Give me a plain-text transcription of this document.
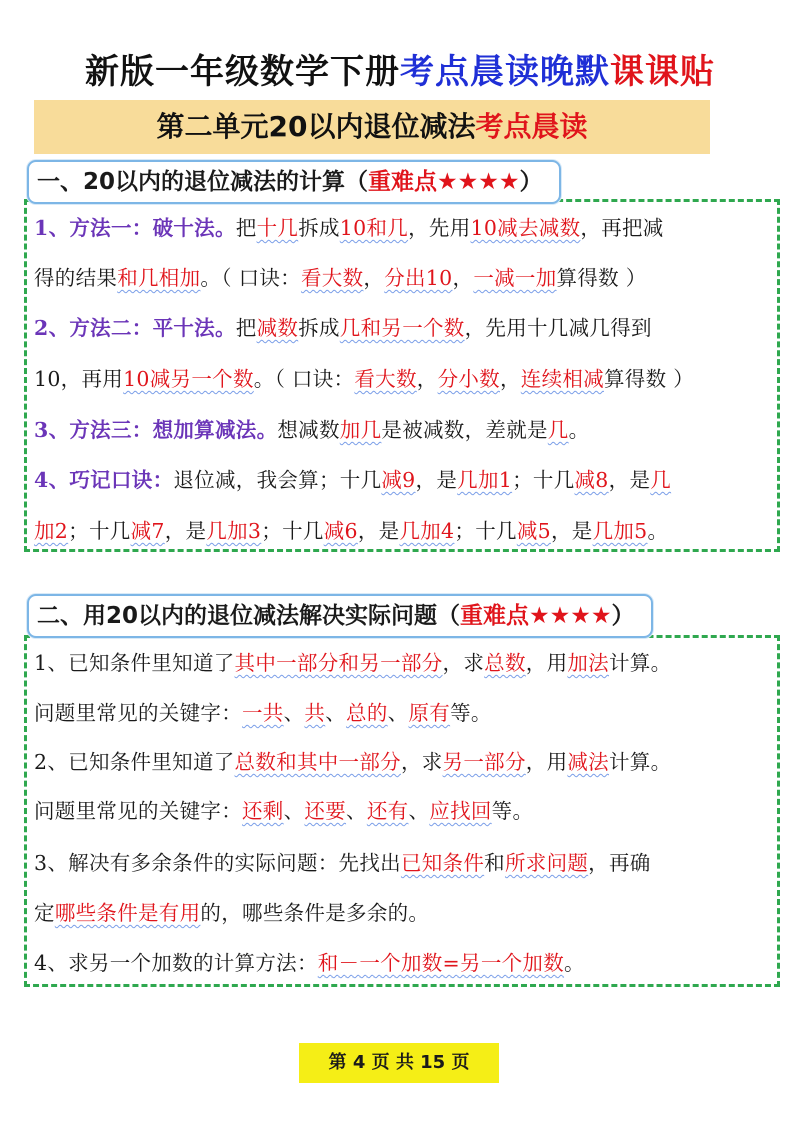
新版一年级数学下册考点晨读晚默课课贴
第二单元20以内退位减法考点晨读
一、20以内的退位减法的计算（重难点★★★★）
1、方法一：破十法。把十几拆成10和几，先用10减去减数，再把减
得的结果和几相加。（ 口诀：看大数，分出10，一减一加算得数 ）
2、方法二：平十法。把减数拆成几和另一个数，先用十几减几得到
10，再用10减另一个数。（ 口诀：看大数，分小数，连续相减算得数 ）
3、方法三：想加算减法。想减数加几是被减数，差就是几。
4、巧记口诀：退位减，我会算；十几减9，是几加1；十几减8，是几
加2；十几减7，是几加3；十几减6，是几加4；十几减5，是几加5。
二、用20以内的退位减法解决实际问题（重难点★★★★）
1、已知条件里知道了其中一部分和另一部分，求总数，用加法计算。
问题里常见的关键字：一共、共、总的、原有等。
2、已知条件里知道了总数和其中一部分，求另一部分，用减法计算。
问题里常见的关键字：还剩、还要、还有、应找回等。
3、解决有多余条件的实际问题：先找出已知条件和所求问题，再确
定哪些条件是有用的，哪些条件是多余的。
4、求另一个加数的计算方法：和－一个加数=另一个加数。
第 4 页 共 15 页
